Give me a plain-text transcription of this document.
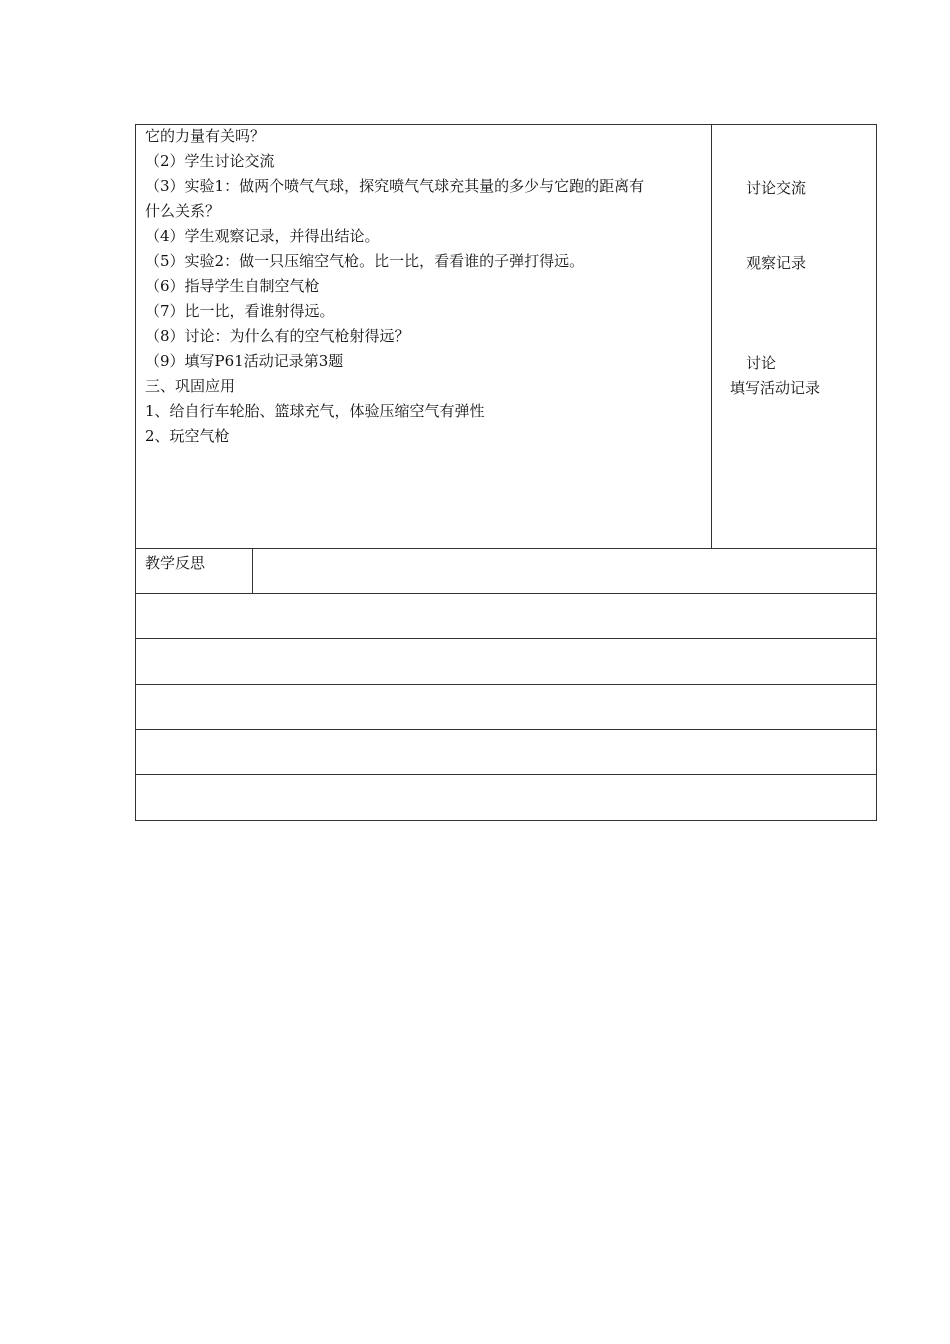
它的力量有关吗？
（2）学生讨论交流
（3）实验1：做两个喷气气球，探究喷气气球充其量的多少与它跑的距离有
什么关系？
（4）学生观察记录，并得出结论。
（5）实验2：做一只压缩空气枪。比一比，看看谁的子弹打得远。
（6）指导学生自制空气枪
（7）比一比，看谁射得远。
（8）讨论：为什么有的空气枪射得远？
（9）填写P61活动记录第3题
三、巩固应用
1、给自行车轮胎、篮球充气，体验压缩空气有弹性
2、玩空气枪
讨论交流
观察记录
讨论
填写活动记录
教学反思
